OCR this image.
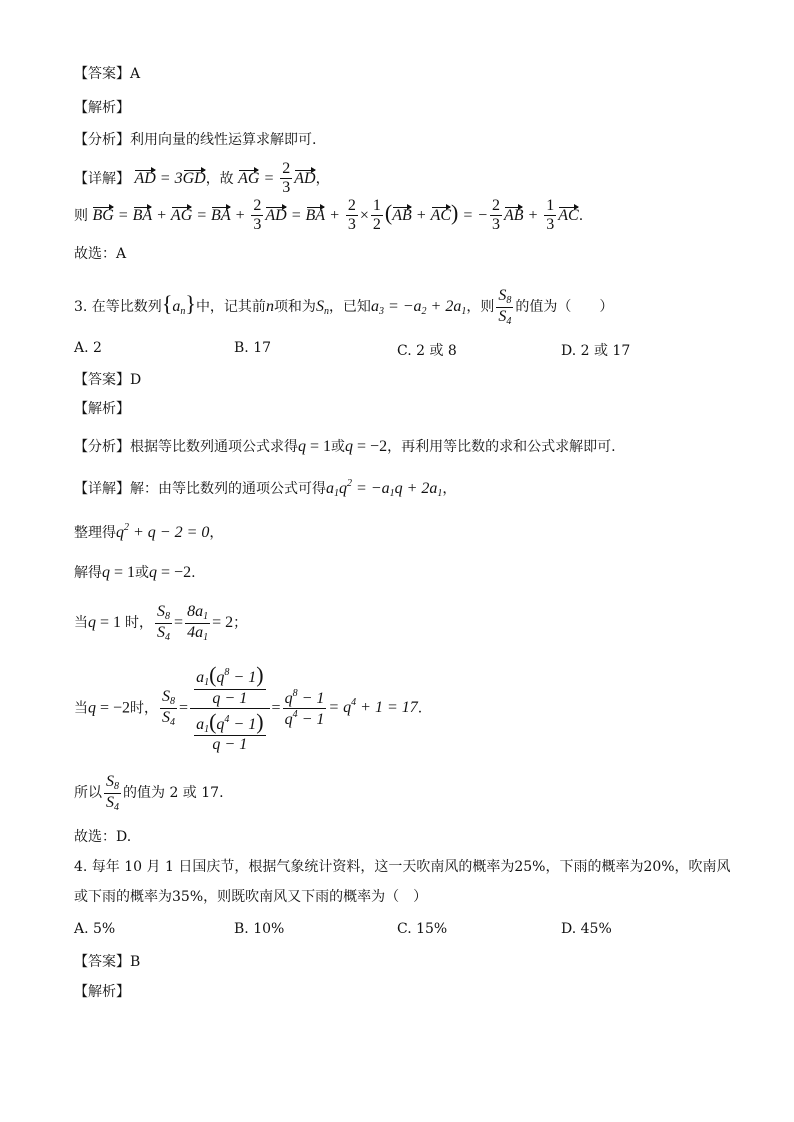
【答案】A
【解析】
【分析】利用向量的线性运算求解即可.
【详解】 AD = 3GD，故 AG = $\frac{2}{3}$ AD，
则 BG = BA + AG = BA + $\frac{2}{3}$ AD = BA + $\frac{2}{3} \times \frac{1}{2} (AB + AC)$ = − $\frac{2}{3}$ AB + $\frac{1}{3}$ AC.
故选：A
3. 在等比数列$\{a_n\}$中，记其前n项和为$S_n$，已知$a_3 = -a_2 + 2a_1$，则 $\frac{S_8}{S_4}$ 的值为（　　）
A. 2	B. 17	C. 2 或 8	D. 2 或 17
【答案】D
【解析】
【分析】根据等比数列通项公式求得q = 1或q = −2，再利用等比数的求和公式求解即可.
【详解】解：由等比数列的通项公式可得$a_1q^2 = -a_1q + 2a_1$，
整理得$q^2 + q - 2 = 0$，
解得q = 1或q = −2.
当q = 1 时， $\frac{S_8}{S_4} = \frac{8a_1}{4a_1} = 2$；
当q = −2时， $\frac{S_8}{S_4} = \frac{\frac{a_1(q^8 - 1)}{q - 1}}{\frac{a_1(q^4 - 1)}{q - 1}} = \frac{q^8 - 1}{q^4 - 1} = q^4 + 1 = 17$.
所以 $\frac{S_8}{S_4}$ 的值为 2 或 17.
故选：D.
4. 每年 10 月 1 日国庆节，根据气象统计资料，这一天吹南风的概率为25%，下雨的概率为20%，吹南风
或下雨的概率为35%，则既吹南风又下雨的概率为（　）
A. 5%	B. 10%	C. 15%	D. 45%
【答案】B
【解析】
